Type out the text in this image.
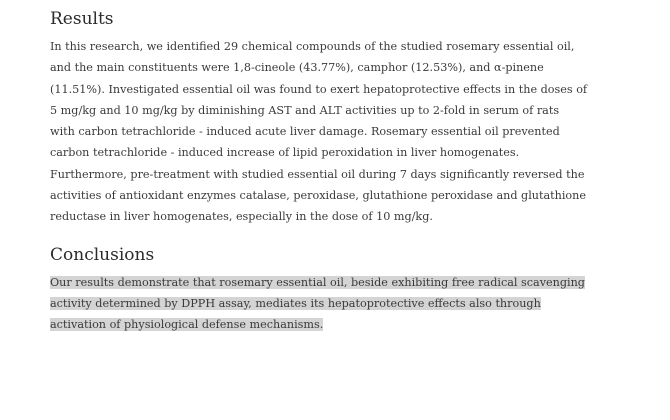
Results

In this research, we identified 29 chemical compounds of the studied rosemary essential oil,
and the main constituents were 1,8-cineole (43.77%), camphor (12.53%), and α-pinene
(11.51%). Investigated essential oil was found to exert hepatoprotective effects in the doses of
5 mg/kg and 10 mg/kg by diminishing AST and ALT activities up to 2-fold in serum of rats
with carbon tetrachloride - induced acute liver damage. Rosemary essential oil prevented
carbon tetrachloride - induced increase of lipid peroxidation in liver homogenates.
Furthermore, pre-treatment with studied essential oil during 7 days significantly reversed the
activities of antioxidant enzymes catalase, peroxidase, glutathione peroxidase and glutathione
reductase in liver homogenates, especially in the dose of 10 mg/kg.

Conclusions

Our results demonstrate that rosemary essential oil, beside exhibiting free radical scavenging
activity determined by DPPH assay, mediates its hepatoprotective effects also through
activation of physiological defense mechanisms.
